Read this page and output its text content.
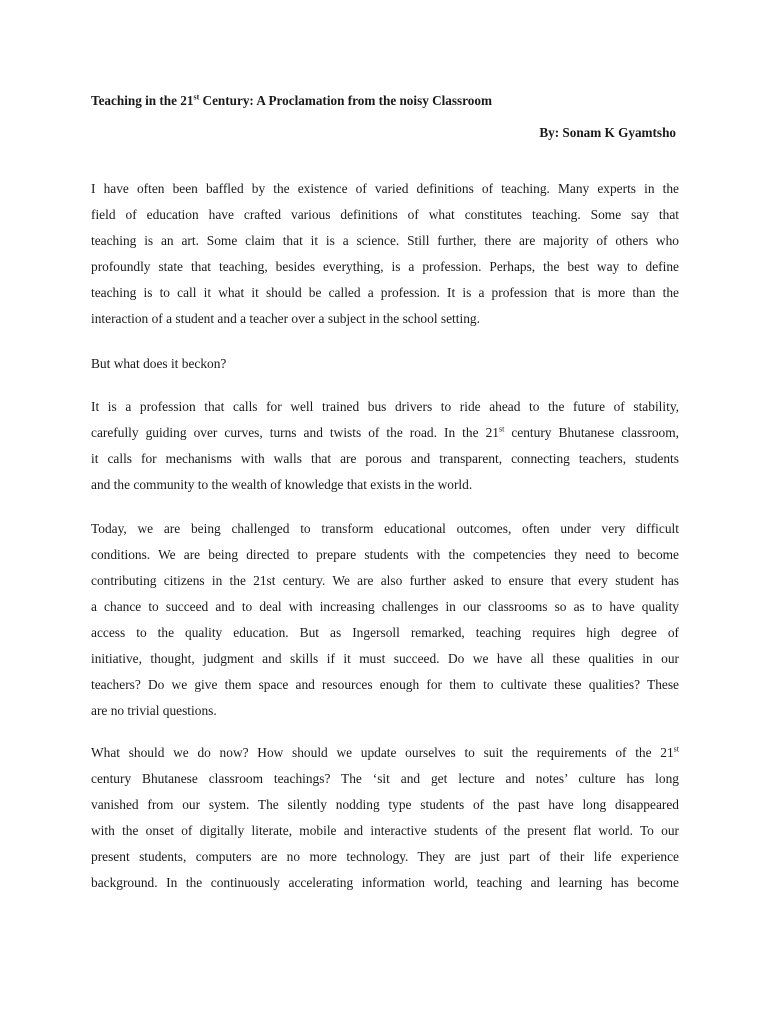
Teaching in the 21st Century: A Proclamation from the noisy Classroom

By: Sonam K Gyamtsho

I have often been baffled by the existence of varied definitions of teaching. Many experts in the
field of education have crafted various definitions of what constitutes teaching. Some say that
teaching is an art. Some claim that it is a science. Still further, there are majority of others who
profoundly state that teaching, besides everything, is a profession. Perhaps, the best way to define
teaching is to call it what it should be called a profession. It is a profession that is more than the
interaction of a student and a teacher over a subject in the school setting.
But what does it beckon?
It is a profession that calls for well trained bus drivers to ride ahead to the future of stability,
carefully guiding over curves, turns and twists of the road. In the 21st century Bhutanese classroom,
it calls for mechanisms with walls that are porous and transparent, connecting teachers, students
and the community to the wealth of knowledge that exists in the world.
Today, we are being challenged to transform educational outcomes, often under very difficult
conditions. We are being directed to prepare students with the competencies they need to become
contributing citizens in the 21st century. We are also further asked to ensure that every student has
a chance to succeed and to deal with increasing challenges in our classrooms so as to have quality
access to the quality education. But as Ingersoll remarked, teaching requires high degree of
initiative, thought, judgment and skills if it must succeed. Do we have all these qualities in our
teachers? Do we give them space and resources enough for them to cultivate these qualities? These
are no trivial questions.
What should we do now? How should we update ourselves to suit the requirements of the 21st
century Bhutanese classroom teachings? The ‘sit and get lecture and notes’ culture has long
vanished from our system. The silently nodding type students of the past have long disappeared
with the onset of digitally literate, mobile and interactive students of the present flat world. To our
present students, computers are no more technology. They are just part of their life experience
background. In the continuously accelerating information world, teaching and learning has become
